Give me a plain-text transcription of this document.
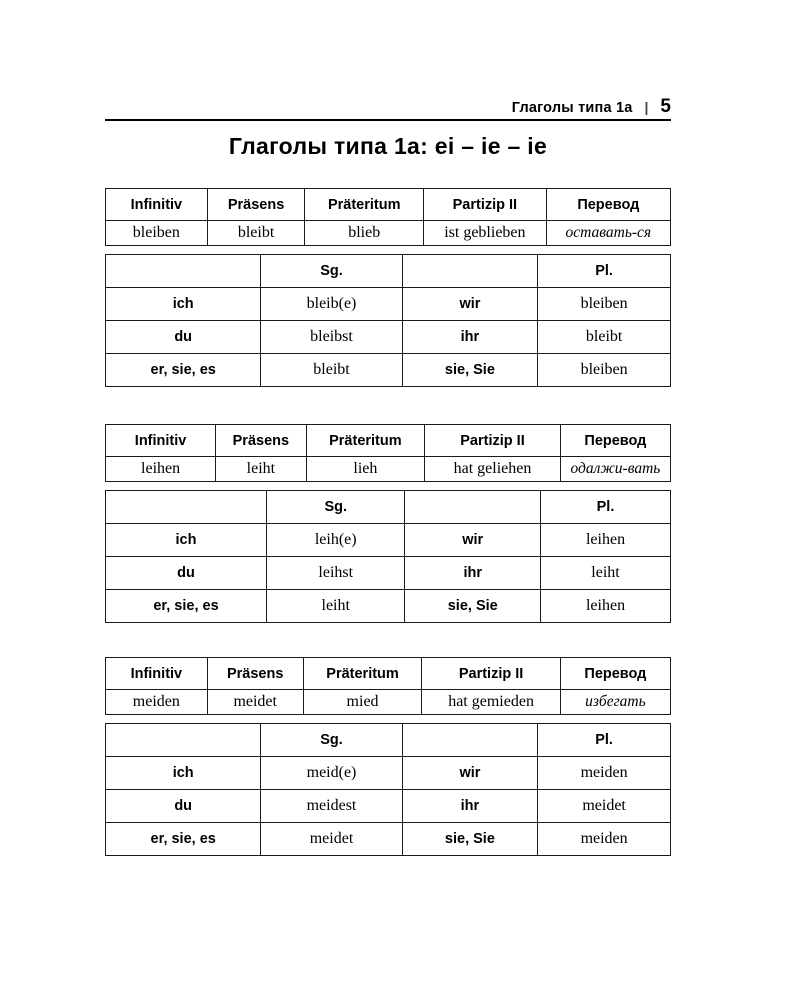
Глаголы типа 1а | 5
Глаголы типа 1a: ei – ie – ie
Infinitiv	Präsens	Präteritum	Partizip II	Перевод
bleiben	bleibt	blieb	ist geblieben	оставать-ся
	Sg.		Pl.
ich	bleib(e)	wir	bleiben
du	bleibst	ihr	bleibt
er, sie, es	bleibt	sie, Sie	bleiben
Infinitiv	Präsens	Präteritum	Partizip II	Перевод
leihen	leiht	lieh	hat geliehen	одалжи-вать
	Sg.		Pl.
ich	leih(e)	wir	leihen
du	leihst	ihr	leiht
er, sie, es	leiht	sie, Sie	leihen
Infinitiv	Präsens	Präteritum	Partizip II	Перевод
meiden	meidet	mied	hat gemieden	избегать
	Sg.		Pl.
ich	meid(e)	wir	meiden
du	meidest	ihr	meidet
er, sie, es	meidet	sie, Sie	meiden
